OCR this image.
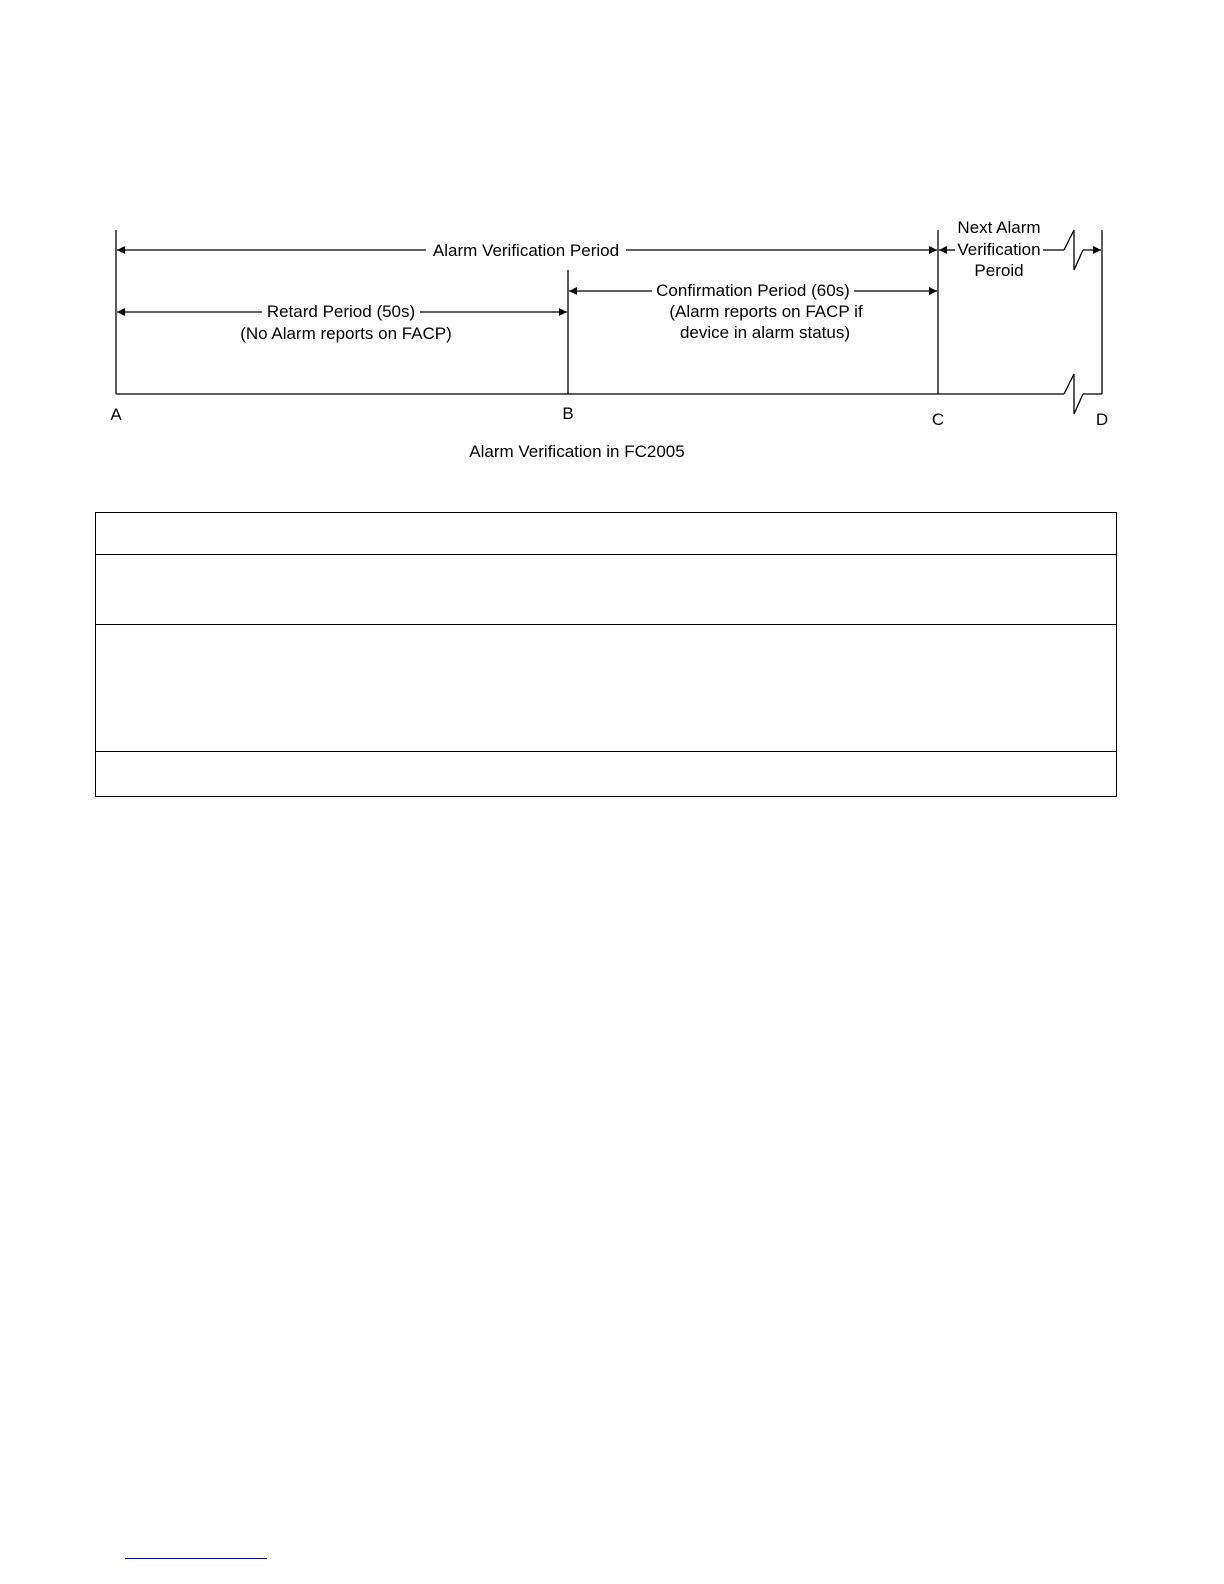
Alarm Verification Period
Retard Period (50s)
(No Alarm reports on FACP)
Confirmation Period (60s)
(Alarm reports on FACP if
device in alarm status)
Next Alarm
Verification
Peroid
A	B	C	D
Alarm Verification in FC2005
